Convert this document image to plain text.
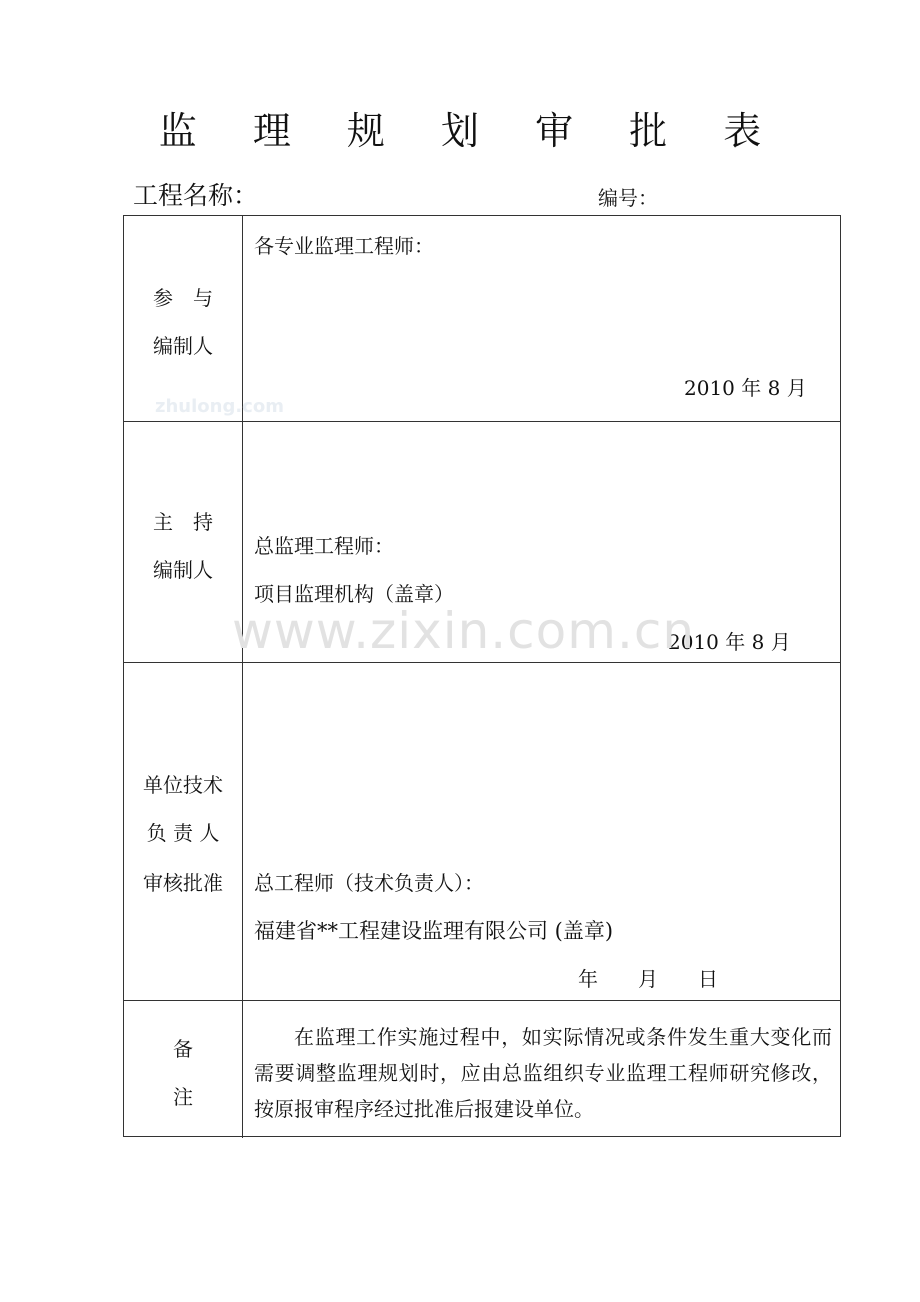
监 理 规 划 审 批 表
工程名称：	编号：
参　与
编制人
各专业监理工程师：
2010 年 8 月
主　持
编制人
总监理工程师：
项目监理机构（盖章）
2010 年 8 月
单位技术
负 责 人
审核批准	总工程师（技术负责人）：
福建省**工程建设监理有限公司 (盖章)
年　　月　　日
备
注
在监理工作实施过程中，如实际情况或条件发生重大变化而需要调整监理规划时，应由总监组织专业监理工程师研究修改，按原报审程序经过批准后报建设单位。
zhulong.com
www.zixin.com.cn
